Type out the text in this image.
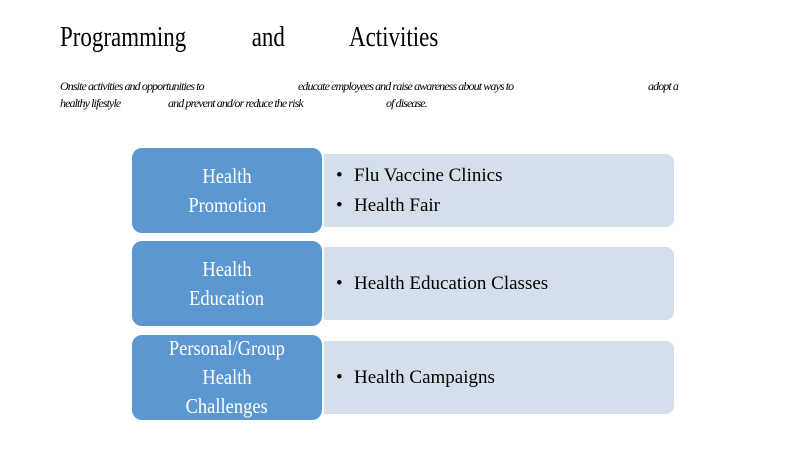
Programming and Activities
Onsite activities and opportunities to	educate employees and raise awareness about ways to	adopt a
healthy lifestyle	and prevent and/or reduce the risk	of disease.
• Flu Vaccine Clinics
• Health Fair
Health
Promotion
• Health Education Classes
Health
Education
• Health Campaigns
Personal/Group
Health
Challenges
